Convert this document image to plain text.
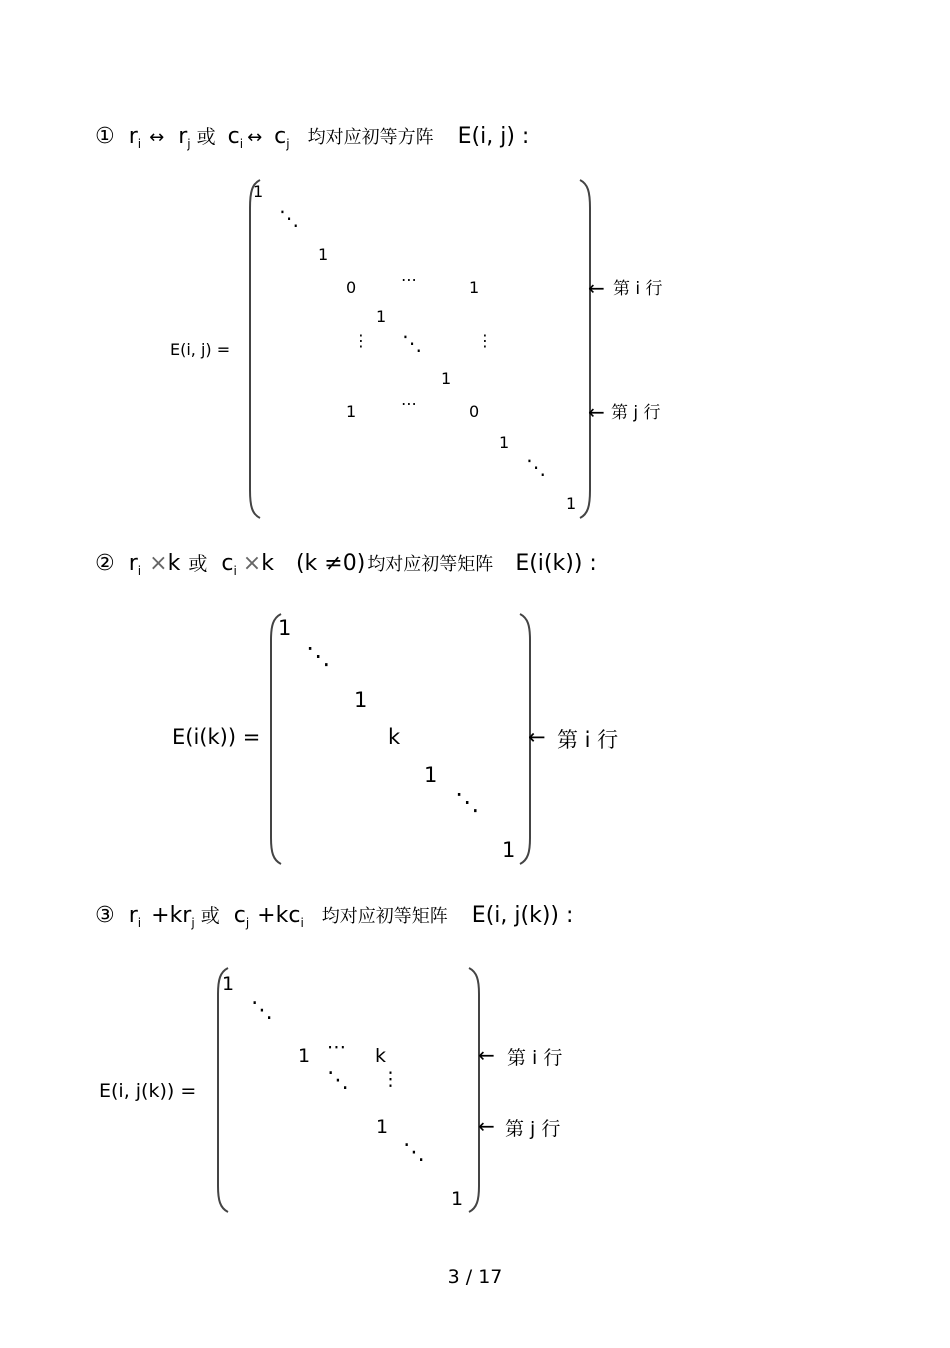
① r i ↔ r j 或 c i ↔ c j 均对应初等方阵 E(i, j) :
E(i, j) =
1
⋱
1
0	⋯	1
1
⋮ ⋱	⋮
1
1	⋯	0
1
⋱
1
← 第 i 行
← 第 j 行
② r i × k 或 c i × k (k ≠0) 均对应初等矩阵 E(i(k)) :
E(i(k)) =
1
⋱
1
k
1
⋱
1
← 第 i 行
③ r i + kr j 或 c j + kc i 均对应初等矩阵 E(i, j(k)) :
E(i, j(k)) =
1
⋱
1 ⋯ k
⋱ ⋮
1
⋱
1
← 第 i 行
← 第 j 行
3 / 17
